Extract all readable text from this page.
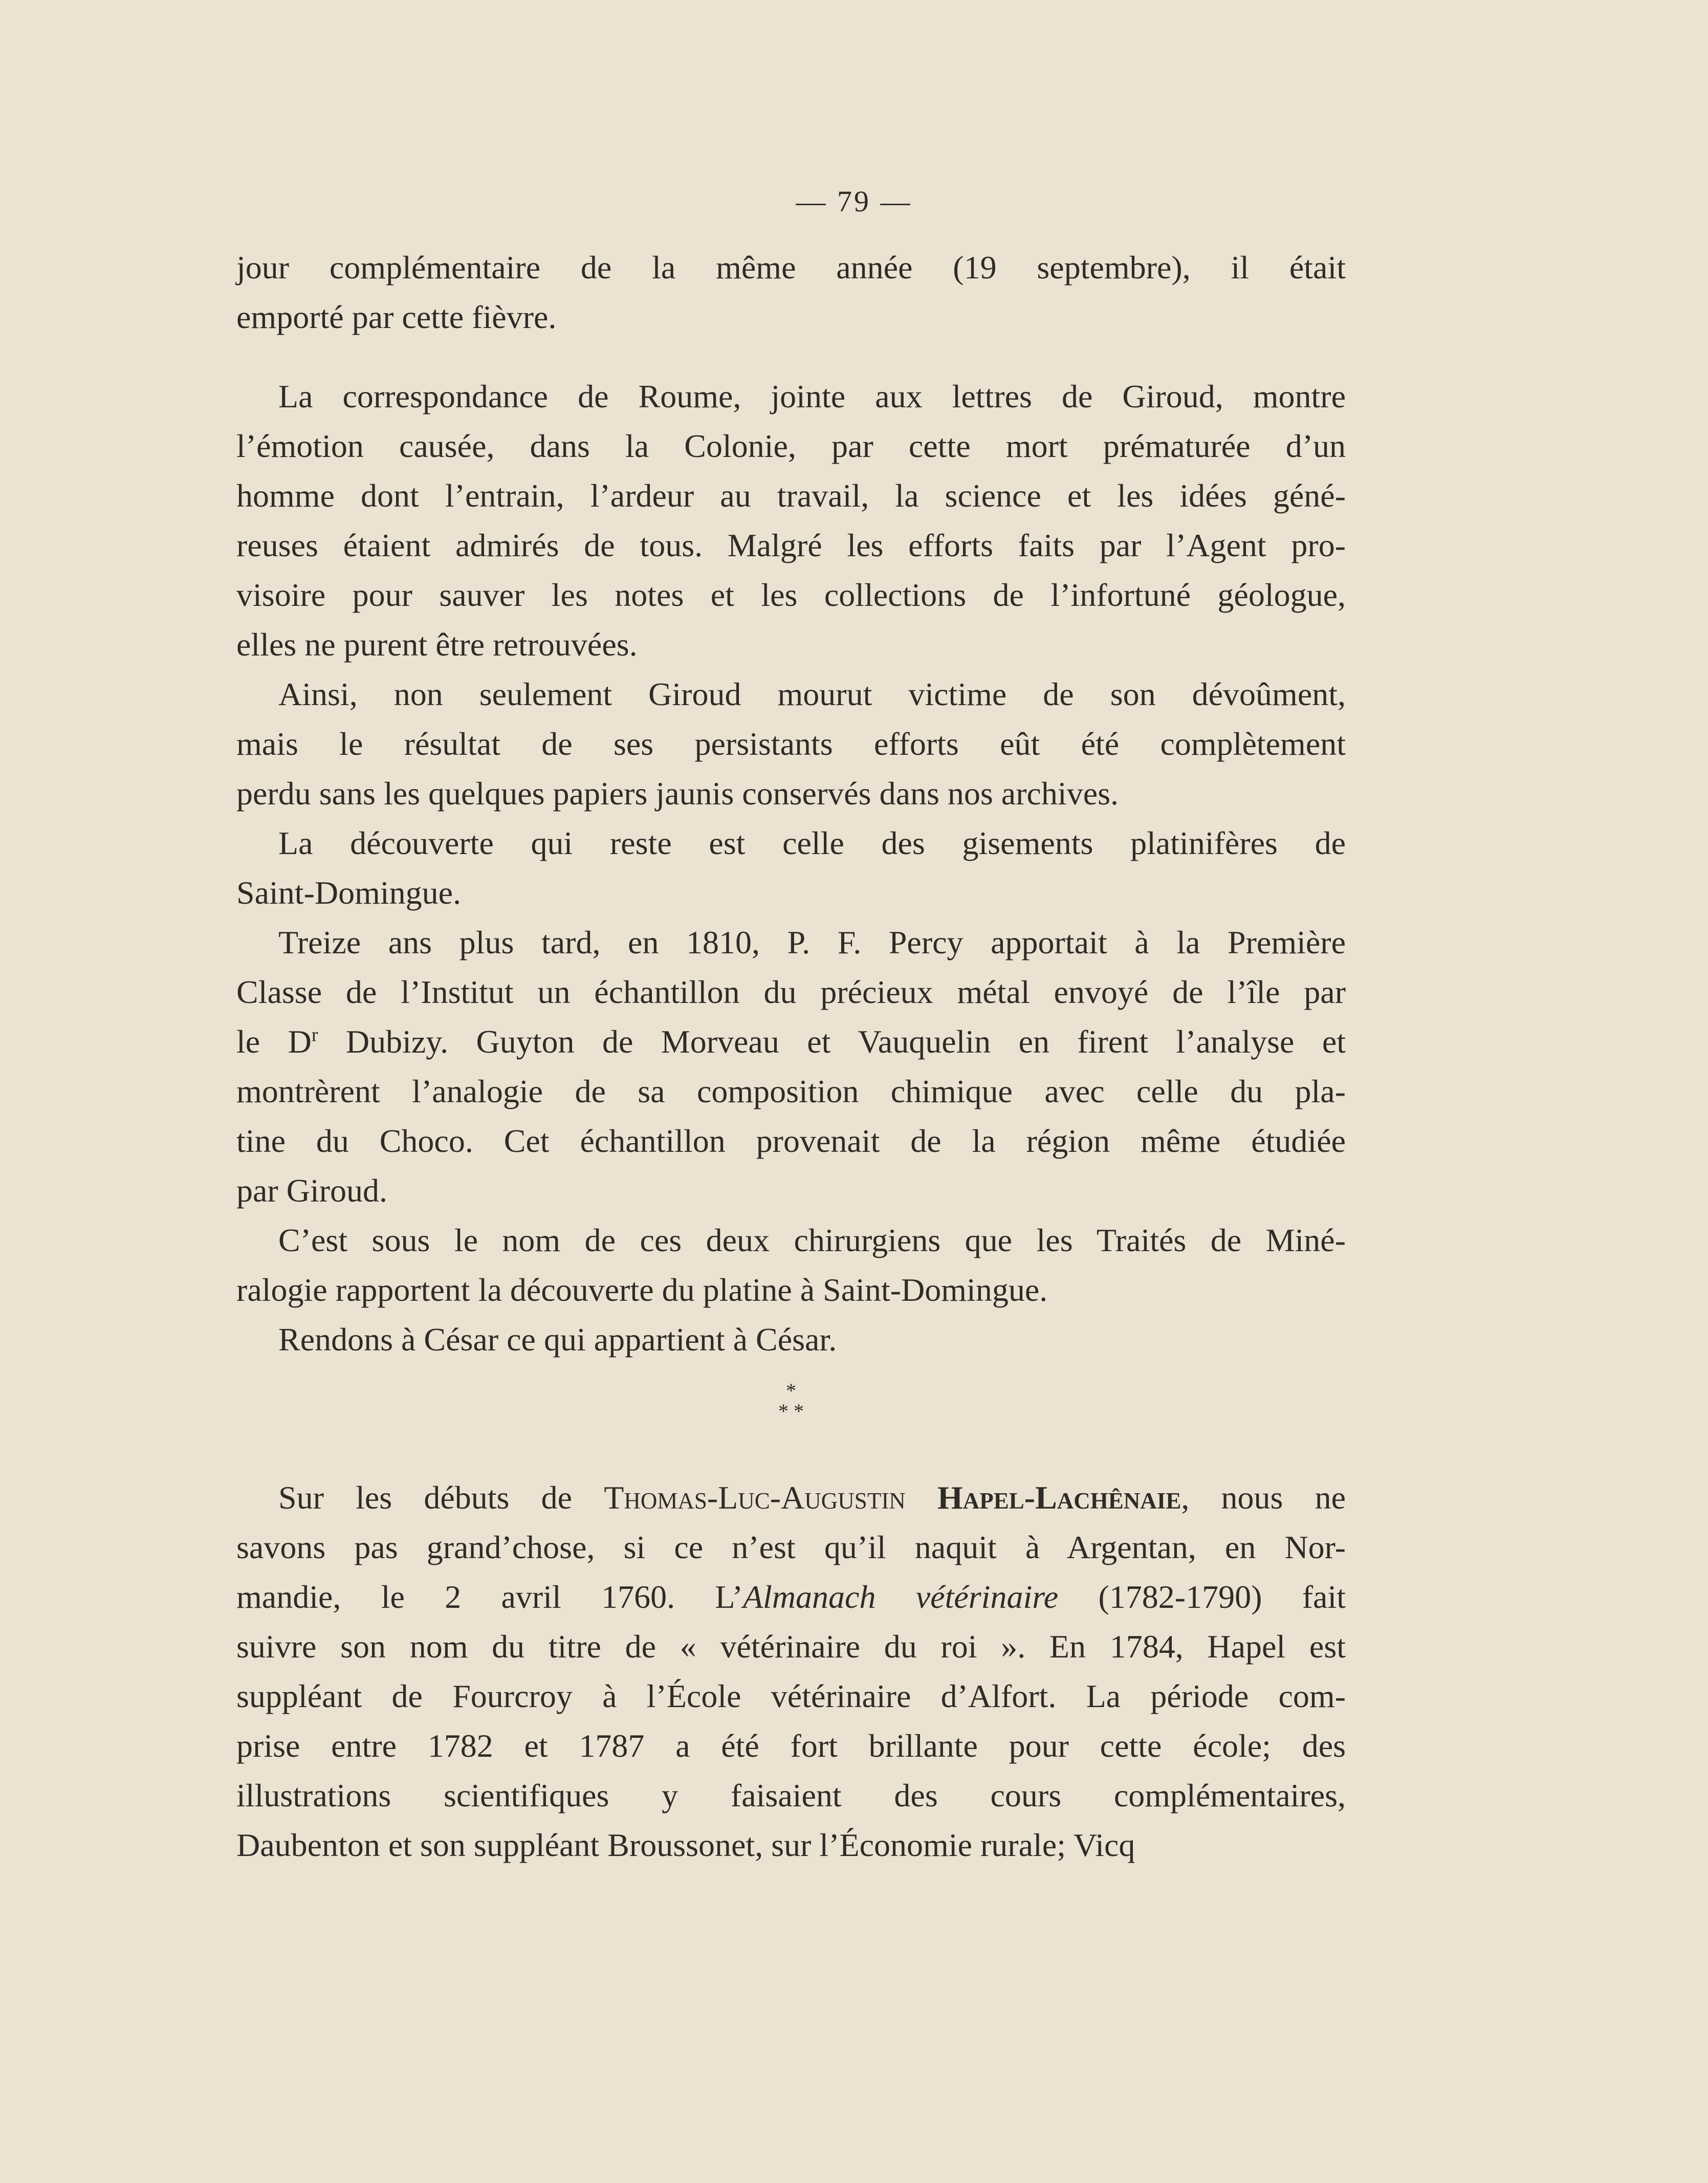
— 79 —
jour complémentaire de la même année (19 septembre), il était
emporté par cette fièvre.
La correspondance de Roume, jointe aux lettres de Giroud, montre
l’émotion causée, dans la Colonie, par cette mort prématurée d’un
homme dont l’entrain, l’ardeur au travail, la science et les idées géné-
reuses étaient admirés de tous. Malgré les efforts faits par l’Agent pro-
visoire pour sauver les notes et les collections de l’infortuné géologue,
elles ne purent être retrouvées.
Ainsi, non seulement Giroud mourut victime de son dévoûment,
mais le résultat de ses persistants efforts eût été complètement
perdu sans les quelques papiers jaunis conservés dans nos archives.
La découverte qui reste est celle des gisements platinifères de
Saint-Domingue.
Treize ans plus tard, en 1810, P. F. Percy apportait à la Première
Classe de l’Institut un échantillon du précieux métal envoyé de l’île par
le $D^r$ Dubizy. Guyton de Morveau et Vauquelin en firent l’analyse et
montrèrent l’analogie de sa composition chimique avec celle du pla-
tine du Choco. Cet échantillon provenait de la région même étudiée
par Giroud.
C’est sous le nom de ces deux chirurgiens que les Traités de Miné-
ralogie rapportent la découverte du platine à Saint-Domingue.
Rendons à César ce qui appartient à César.
*
* *
Sur les débuts de Thomas-Luc-Augustin Hapel-Lachênaie, nous ne
savons pas grand’chose, si ce n’est qu’il naquit à Argentan, en Nor-
mandie, le 2 avril 1760. L’Almanach vétérinaire (1782-1790) fait
suivre son nom du titre de « vétérinaire du roi ». En 1784, Hapel est
suppléant de Fourcroy à l’École vétérinaire d’Alfort. La période com-
prise entre 1782 et 1787 a été fort brillante pour cette école; des
illustrations scientifiques y faisaient des cours complémentaires,
Daubenton et son suppléant Broussonet, sur l’Économie rurale; Vicq
